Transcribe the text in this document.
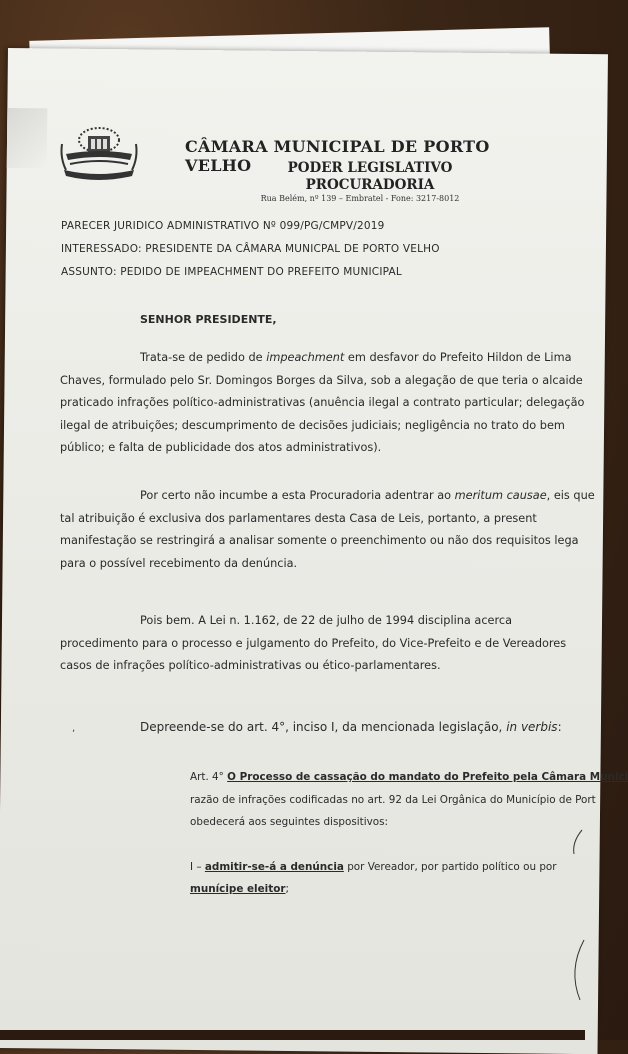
CÂMARA MUNICIPAL DE PORTO VELHO	PODER LEGISLATIVO
PROCURADORIA
Rua Belém, nº 139 – Embratel - Fone: 3217-8012
PARECER JURIDICO ADMINISTRATIVO Nº 099/PG/CMPV/2019
INTERESSADO: PRESIDENTE DA CÂMARA MUNICPAL DE PORTO VELHO
ASSUNTO: PEDIDO DE IMPEACHMENT DO PREFEITO MUNICIPAL
SENHOR PRESIDENTE,

Trata-se de pedido de impeachment em desfavor do Prefeito Hildon de Lima

Chaves, formulado pelo Sr. Domingos Borges da Silva, sob a alegação de que teria o alcaide

praticado infrações político-administrativas (anuência ilegal a contrato particular; delegação

ilegal de atribuições; descumprimento de decisões judiciais; negligência no trato do bem

público; e falta de publicidade dos atos administrativos).

Por certo não incumbe a esta Procuradoria adentrar ao meritum causae, eis que

tal atribuição é exclusiva dos parlamentares desta Casa de Leis, portanto, a present

manifestação se restringirá a analisar somente o preenchimento ou não dos requisitos lega

para o possível recebimento da denúncia.

Pois bem. A Lei n. 1.162, de 22 de julho de 1994 disciplina acerca

procedimento para o processo e julgamento do Prefeito, do Vice-Prefeito e de Vereadores

casos de infrações político-administrativas ou ético-parlamentares.

,	Depreende-se do art. 4°, inciso I, da mencionada legislação, in verbis:

Art. 4° O Processo de cassação do mandato do Prefeito pela Câmara Munici

razão de infrações codificadas no art. 92 da Lei Orgânica do Município de Port

obedecerá aos seguintes dispositivos:

I – admitir-se-á a denúncia por Vereador, por partido político ou por

munícipe eleitor;
